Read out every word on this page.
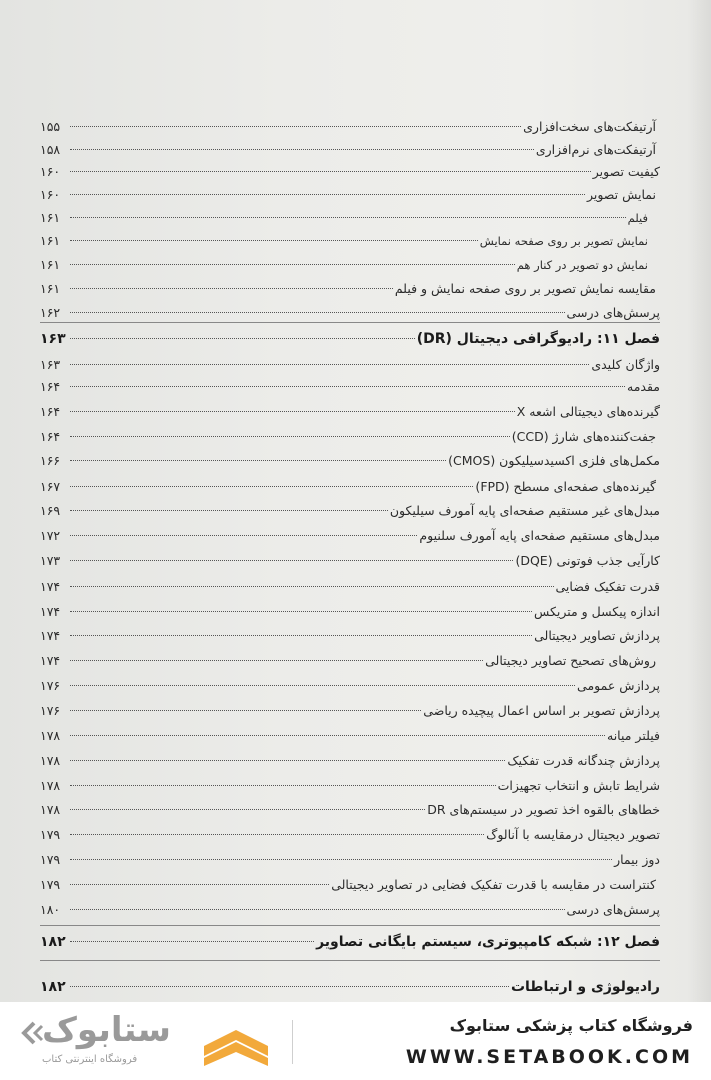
آرتیفکت‌های سخت‌افزاری
۱۵۵
آرتیفکت‌های نرم‌افزاری
۱۵۸
کیفیت تصویر
۱۶۰
نمایش تصویر
۱۶۰
فیلم
۱۶۱
نمایش تصویر بر روی صفحه نمایش
۱۶۱
نمایش دو تصویر در کنار هم
۱۶۱
مقایسه نمایش تصویر بر روی صفحه نمایش و فیلم
۱۶۱
پرسش‌های درسی
۱۶۲
فصل ۱۱: رادیوگرافی دیجیتال (DR)
۱۶۳
واژگان کلیدی
۱۶۳
مقدمه
۱۶۴
گیرنده‌های دیجیتالی اشعه X
۱۶۴
جفت‌کننده‌های شارژ (CCD)
۱۶۴
مکمل‌های فلزی اکسیدسیلیکون (CMOS)
۱۶۶
گیرنده‌های صفحه‌ای مسطح (FPD)
۱۶۷
مبدل‌های غیر مستقیم صفحه‌ای پایه آمورف سیلیکون
۱۶۹
مبدل‌های مستقیم صفحه‌ای پایه آمورف سلنیوم
۱۷۲
کارآیی جذب فوتونی (DQE)
۱۷۳
قدرت تفکیک فضایی
۱۷۴
اندازه پیکسل و متریکس
۱۷۴
پردازش تصاویر دیجیتالی
۱۷۴
روش‌های تصحیح تصاویر دیجیتالی
۱۷۴
پردازش عمومی
۱۷۶
پردازش تصویر بر اساس اعمال پیچیده ریاضی
۱۷۶
فیلتر میانه
۱۷۸
پردازش چندگانه قدرت تفکیک
۱۷۸
شرایط تابش و انتخاب تجهیزات
۱۷۸
خطاهای بالقوه اخذ تصویر در سیستم‌های DR
۱۷۸
تصویر دیجیتال درمقایسه با آنالوگ
۱۷۹
دوز بیمار
۱۷۹
کنتراست در مقایسه با قدرت تفکیک فضایی در تصاویر دیجیتالی
۱۷۹
پرسش‌های درسی
۱۸۰
فصل ۱۲: شبکه کامپیوتری، سیستم بایگانی تصاویر
۱۸۲
رادیولوژی و ارتباطات
۱۸۲
فروشگاه کتاب پزشکی ستابوک
WWW.SETABOOK.COM
ستابوک
فروشگاه اینترنتی کتاب
